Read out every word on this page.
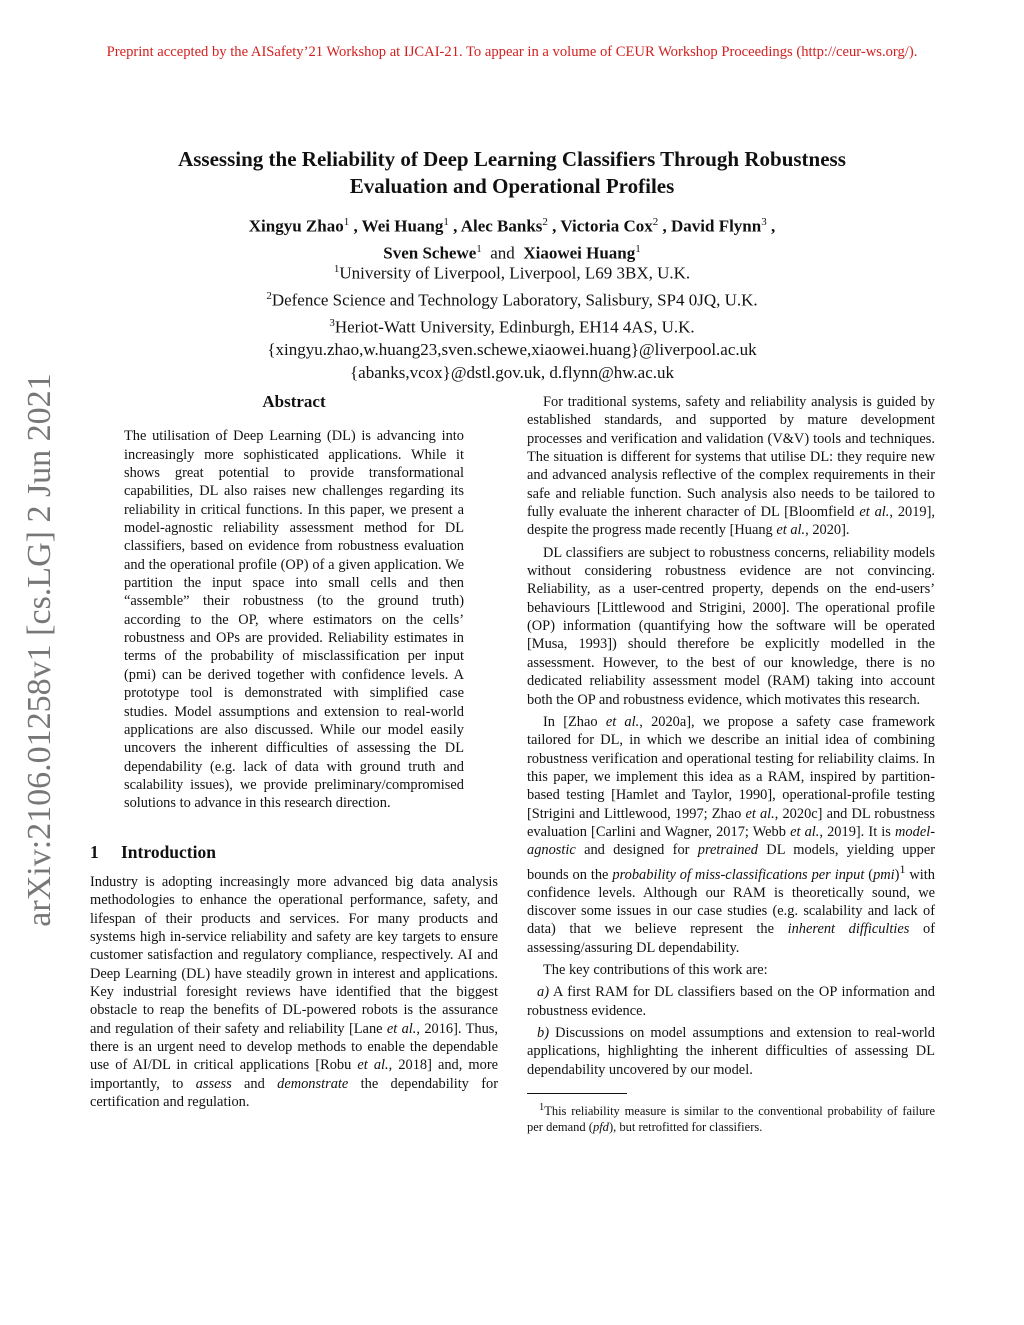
Preprint accepted by the AISafety’21 Workshop at IJCAI-21. To appear in a volume of CEUR Workshop Proceedings (http://ceur-ws.org/).
arXiv:2106.01258v1 [cs.LG] 2 Jun 2021
Assessing the Reliability of Deep Learning Classifiers Through Robustness
Evaluation and Operational Profiles
Xingyu Zhao$^1$ , Wei Huang$^1$ , Alec Banks$^2$ , Victoria Cox$^2$ , David Flynn$^3$ ,
Sven Schewe$^1$ and Xiaowei Huang$^1$
$^1$University of Liverpool, Liverpool, L69 3BX, U.K.
$^2$Defence Science and Technology Laboratory, Salisbury, SP4 0JQ, U.K.
$^3$Heriot-Watt University, Edinburgh, EH14 4AS, U.K.
{xingyu.zhao,w.huang23,sven.schewe,xiaowei.huang}@liverpool.ac.uk
{abanks,vcox}@dstl.gov.uk, d.flynn@hw.ac.uk
Abstract

The utilisation of Deep Learning (DL) is advancing into increasingly more sophisticated applications. While it shows great potential to provide transformational capabilities, DL also raises new challenges regarding its reliability in critical functions. In this paper, we present a model-agnostic reliability assessment method for DL classifiers, based on evidence from robustness evaluation and the operational profile (OP) of a given application. We partition the input space into small cells and then “assemble” their robustness (to the ground truth) according to the OP, where estimators on the cells’ robustness and OPs are provided. Reliability estimates in terms of the probability of misclassification per input (pmi) can be derived together with confidence levels. A prototype tool is demonstrated with simplified case studies. Model assumptions and extension to real-world applications are also discussed. While our model easily uncovers the inherent difficulties of assessing the DL dependability (e.g. lack of data with ground truth and scalability issues), we provide preliminary/compromised solutions to advance in this research direction.

1 Introduction

Industry is adopting increasingly more advanced big data analysis methodologies to enhance the operational performance, safety, and lifespan of their products and services. For many products and systems high in-service reliability and safety are key targets to ensure customer satisfaction and regulatory compliance, respectively. AI and Deep Learning (DL) have steadily grown in interest and applications. Key industrial foresight reviews have identified that the biggest obstacle to reap the benefits of DL-powered robots is the assurance and regulation of their safety and reliability [Lane et al., 2016]. Thus, there is an urgent need to develop methods to enable the dependable use of AI/DL in critical applications [Robu et al., 2018] and, more importantly, to assess and demonstrate the dependability for certification and regulation.

For traditional systems, safety and reliability analysis is guided by established standards, and supported by mature development processes and verification and validation (V&V) tools and techniques. The situation is different for systems that utilise DL: they require new and advanced analysis reflective of the complex requirements in their safe and reliable function. Such analysis also needs to be tailored to fully evaluate the inherent character of DL [Bloomfield et al., 2019], despite the progress made recently [Huang et al., 2020].

DL classifiers are subject to robustness concerns, reliability models without considering robustness evidence are not convincing. Reliability, as a user-centred property, depends on the end-users’ behaviours [Littlewood and Strigini, 2000]. The operational profile (OP) information (quantifying how the software will be operated [Musa, 1993]) should therefore be explicitly modelled in the assessment. However, to the best of our knowledge, there is no dedicated reliability assessment model (RAM) taking into account both the OP and robustness evidence, which motivates this research.

In [Zhao et al., 2020a], we propose a safety case framework tailored for DL, in which we describe an initial idea of combining robustness verification and operational testing for reliability claims. In this paper, we implement this idea as a RAM, inspired by partition-based testing [Hamlet and Taylor, 1990], operational-profile testing [Strigini and Littlewood, 1997; Zhao et al., 2020c] and DL robustness evaluation [Carlini and Wagner, 2017; Webb et al., 2019]. It is model-agnostic and designed for pretrained DL models, yielding upper bounds on the probability of miss-classifications per input (pmi)$^1$ with confidence levels. Although our RAM is theoretically sound, we discover some issues in our case studies (e.g. scalability and lack of data) that we believe represent the inherent difficulties of assessing/assuring DL dependability.

The key contributions of this work are:

a) A first RAM for DL classifiers based on the OP information and robustness evidence.

b) Discussions on model assumptions and extension to real-world applications, highlighting the inherent difficulties of assessing DL dependability uncovered by our model.

$^1$This reliability measure is similar to the conventional probability of failure per demand (pfd), but retrofitted for classifiers.
